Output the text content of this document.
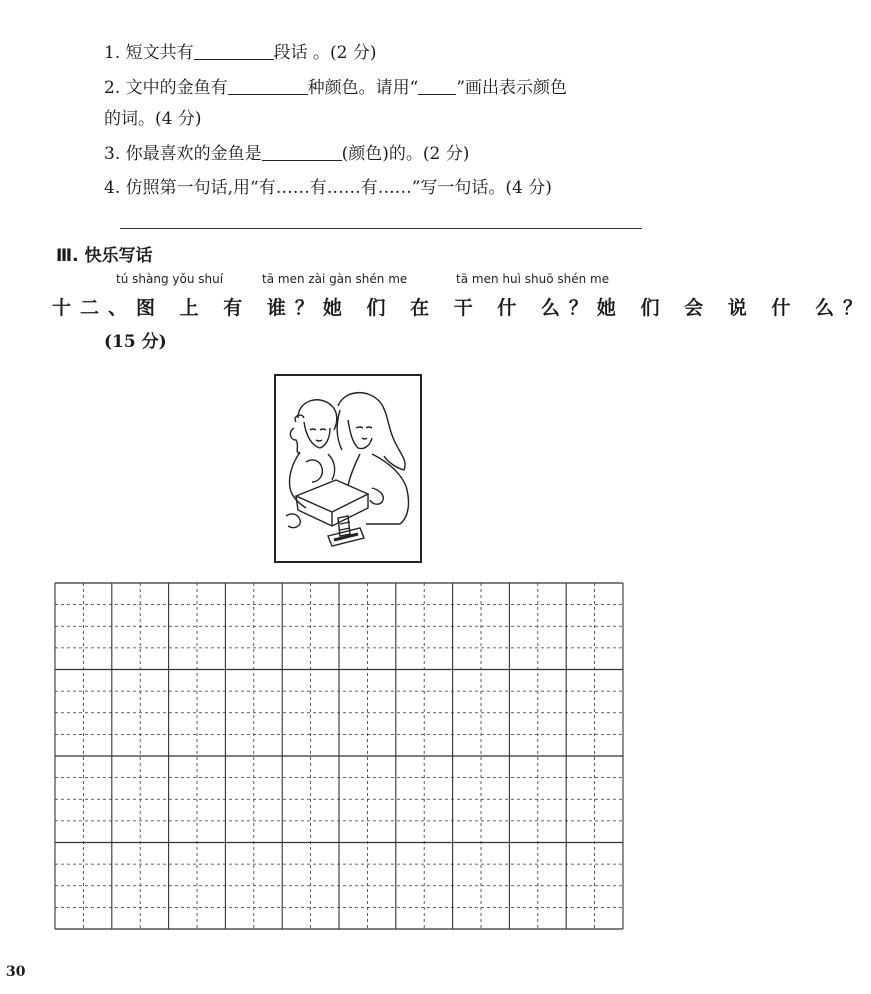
1. 短文共有	段话 。(2 分)
2. 文中的金鱼有	种颜色。请用“ ”画出表示颜色
的词。(4 分)
3. 你最喜欢的金鱼是	(颜色)的。(2 分)
4. 仿照第一句话,用“有……有……有……”写一句话。(4 分)
Ⅲ. 快乐写话
tú shàng yǒu shuí	tā men zài gàn shén me	tā men huì shuō shén me
十二、图 上 有 谁？她 们 在 干 什 么？她 们 会 说 什 么？
(15 分)
30
